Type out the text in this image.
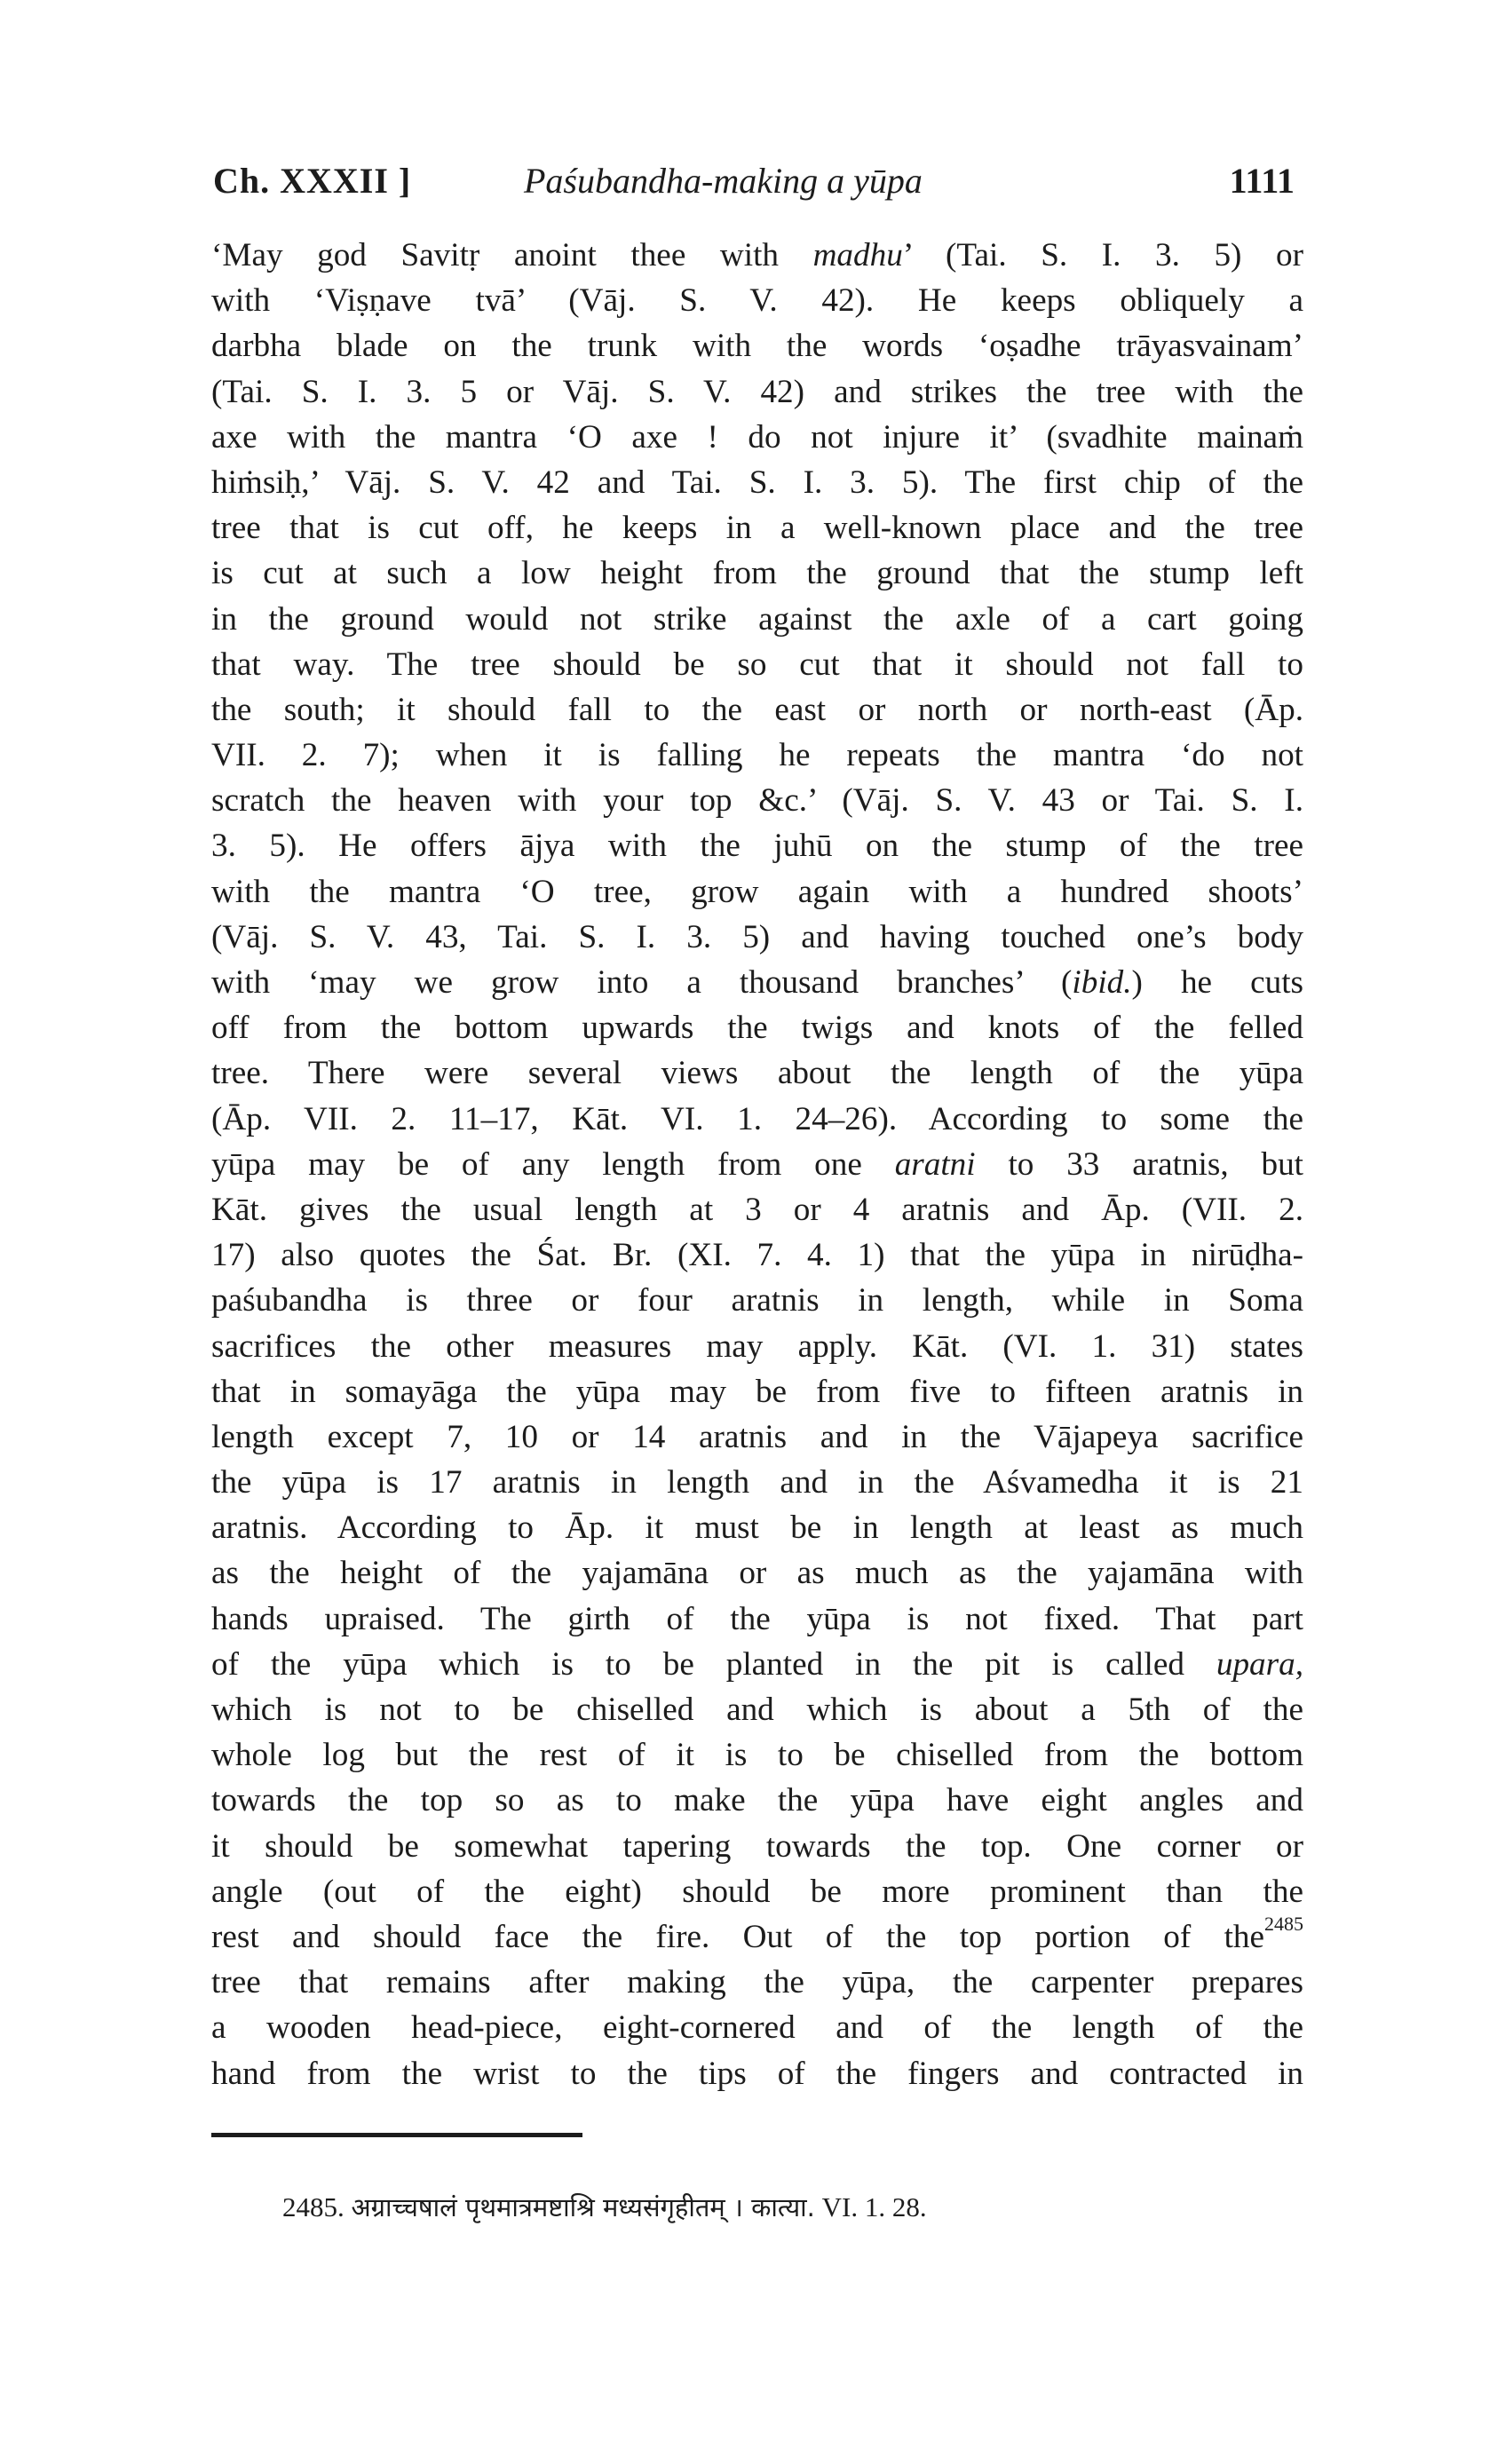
Ch. XXXII ]	Paśubandha-making a yūpa	1111
‘May god Savitṛ anoint thee with madhu’ (Tai. S. I. 3. 5) or
with ‘Viṣṇave tvā’ (Vāj. S. V. 42). He keeps obliquely a
darbha blade on the trunk with the words ‘oṣadhe trāyasvainam’
(Tai. S. I. 3. 5 or Vāj. S. V. 42) and strikes the tree with the
axe with the mantra ‘O axe ! do not injure it’ (svadhite mainaṁ
hiṁsiḥ,’ Vāj. S. V. 42 and Tai. S. I. 3. 5). The first chip of the
tree that is cut off, he keeps in a well-known place and the tree
is cut at such a low height from the ground that the stump left
in the ground would not strike against the axle of a cart going
that way. The tree should be so cut that it should not fall to
the south; it should fall to the east or north or north-east (Āp.
VII. 2. 7); when it is falling he repeats the mantra ‘do not
scratch the heaven with your top &c.’ (Vāj. S. V. 43 or Tai. S. I.
3. 5). He offers ājya with the juhū on the stump of the tree
with the mantra ‘O tree, grow again with a hundred shoots’
(Vāj. S. V. 43, Tai. S. I. 3. 5) and having touched one’s body
with ‘may we grow into a thousand branches’ (ibid.) he cuts
off from the bottom upwards the twigs and knots of the felled
tree. There were several views about the length of the yūpa
(Āp. VII. 2. 11–17, Kāt. VI. 1. 24–26). According to some the
yūpa may be of any length from one aratni to 33 aratnis, but
Kāt. gives the usual length at 3 or 4 aratnis and Āp. (VII. 2.
17) also quotes the Śat. Br. (XI. 7. 4. 1) that the yūpa in nirūḍha-
paśubandha is three or four aratnis in length, while in Soma
sacrifices the other measures may apply. Kāt. (VI. 1. 31) states
that in somayāga the yūpa may be from five to fifteen aratnis in
length except 7, 10 or 14 aratnis and in the Vājapeya sacrifice
the yūpa is 17 aratnis in length and in the Aśvamedha it is 21
aratnis. According to Āp. it must be in length at least as much
as the height of the yajamāna or as much as the yajamāna with
hands upraised. The girth of the yūpa is not fixed. That part
of the yūpa which is to be planted in the pit is called upara,
which is not to be chiselled and which is about a 5th of the
whole log but the rest of it is to be chiselled from the bottom
towards the top so as to make the yūpa have eight angles and
it should be somewhat tapering towards the top. One corner or
angle (out of the eight) should be more prominent than the
rest and should face the fire. Out of the top portion of the$^{2485}$
tree that remains after making the yūpa, the carpenter prepares
a wooden head-piece, eight-cornered and of the length of the
hand from the wrist to the tips of the fingers and contracted in
2485. अग्राच्चषालं पृथमात्रमष्टाश्रि मध्यसंगृहीतम् । कात्या. VI. 1. 28.
